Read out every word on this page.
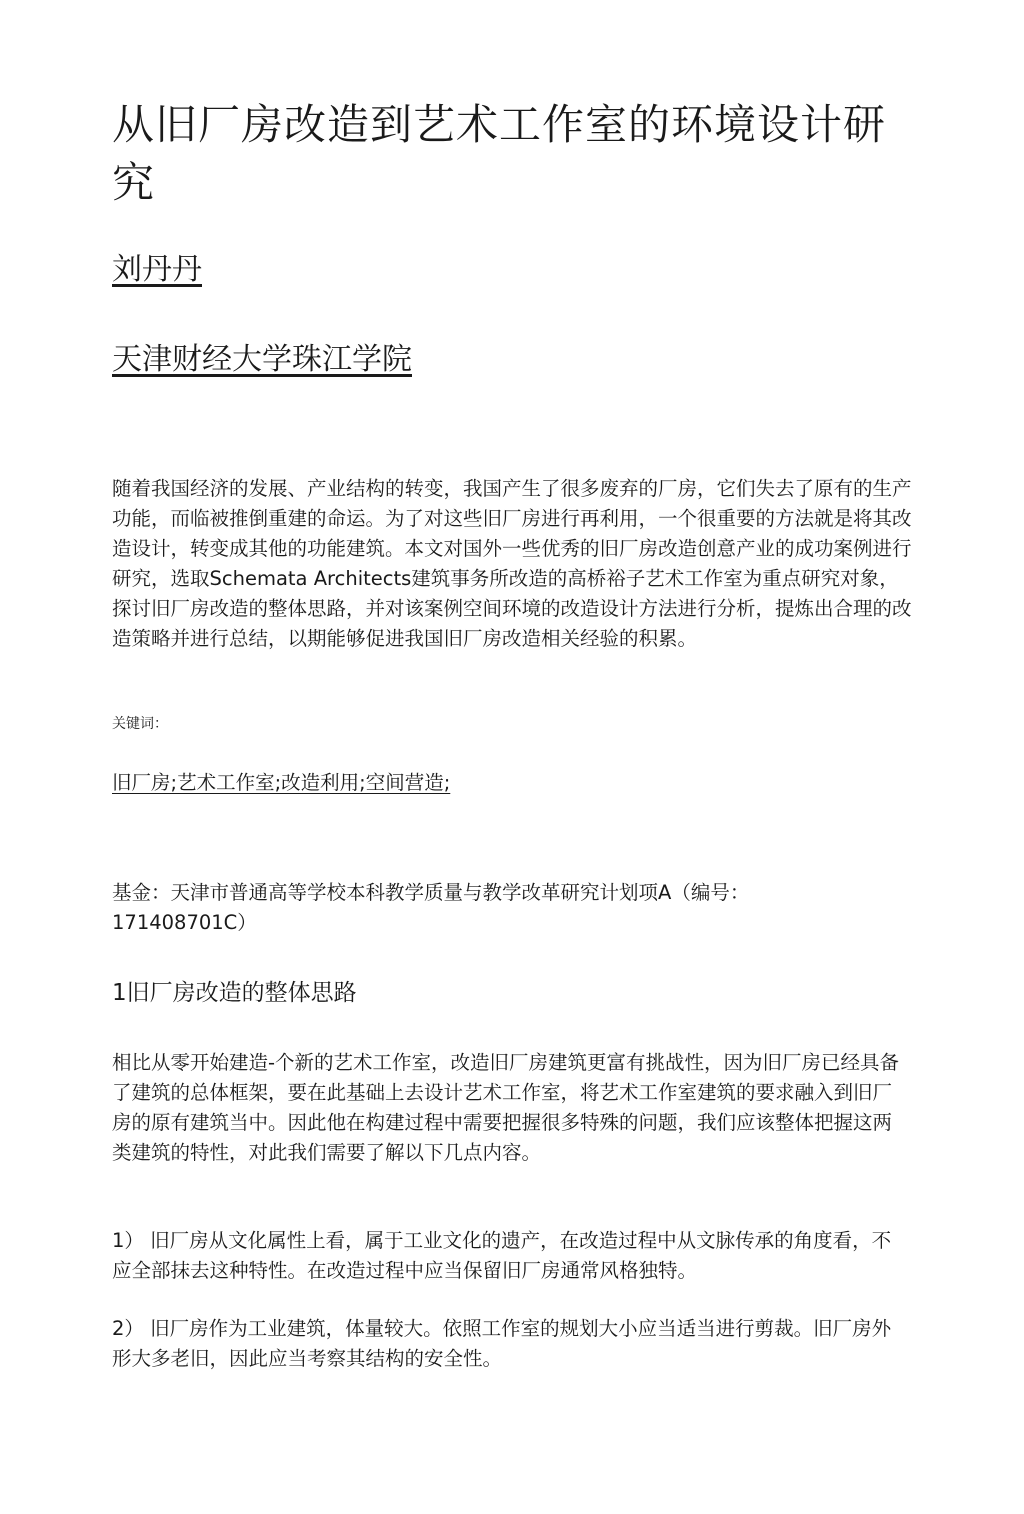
从旧厂房改造到艺术工作室的环境设计研究

刘丹丹

天津财经大学珠江学院

随着我国经济的发展、产业结构的转变，我国产生了很多废弃的厂房，它们失去了原有的生产功能，而临被推倒重建的命运。为了对这些旧厂房进行再利用，一个很重要的方法就是将其改造设计，转变成其他的功能建筑。本文对国外一些优秀的旧厂房改造创意产业的成功案例进行研究，选取Schemata Architects建筑事务所改造的高桥裕子艺术工作室为重点研究对象，探讨旧厂房改造的整体思路，并对该案例空间环境的改造设计方法进行分析，提炼出合理的改造策略并进行总结，以期能够促进我国旧厂房改造相关经验的积累。

关键词：

旧厂房;艺术工作室;改造利用;空间营造;

基金：天津市普通高等学校本科教学质量与教学改革研究计划项A（编号：171408701C）

1旧厂房改造的整体思路

相比从零开始建造-个新的艺术工作室，改造旧厂房建筑更富有挑战性，因为旧厂房已经具备了建筑的总体框架，要在此基础上去设计艺术工作室，将艺术工作室建筑的要求融入到旧厂房的原有建筑当中。因此他在构建过程中需要把握很多特殊的问题，我们应该整体把握这两类建筑的特性，对此我们需要了解以下几点内容。

1） 旧厂房从文化属性上看，属于工业文化的遗产，在改造过程中从文脉传承的角度看，不应全部抹去这种特性。在改造过程中应当保留旧厂房通常风格独特。

2） 旧厂房作为工业建筑，体量较大。依照工作室的规划大小应当适当进行剪裁。旧厂房外形大多老旧，因此应当考察其结构的安全性。
